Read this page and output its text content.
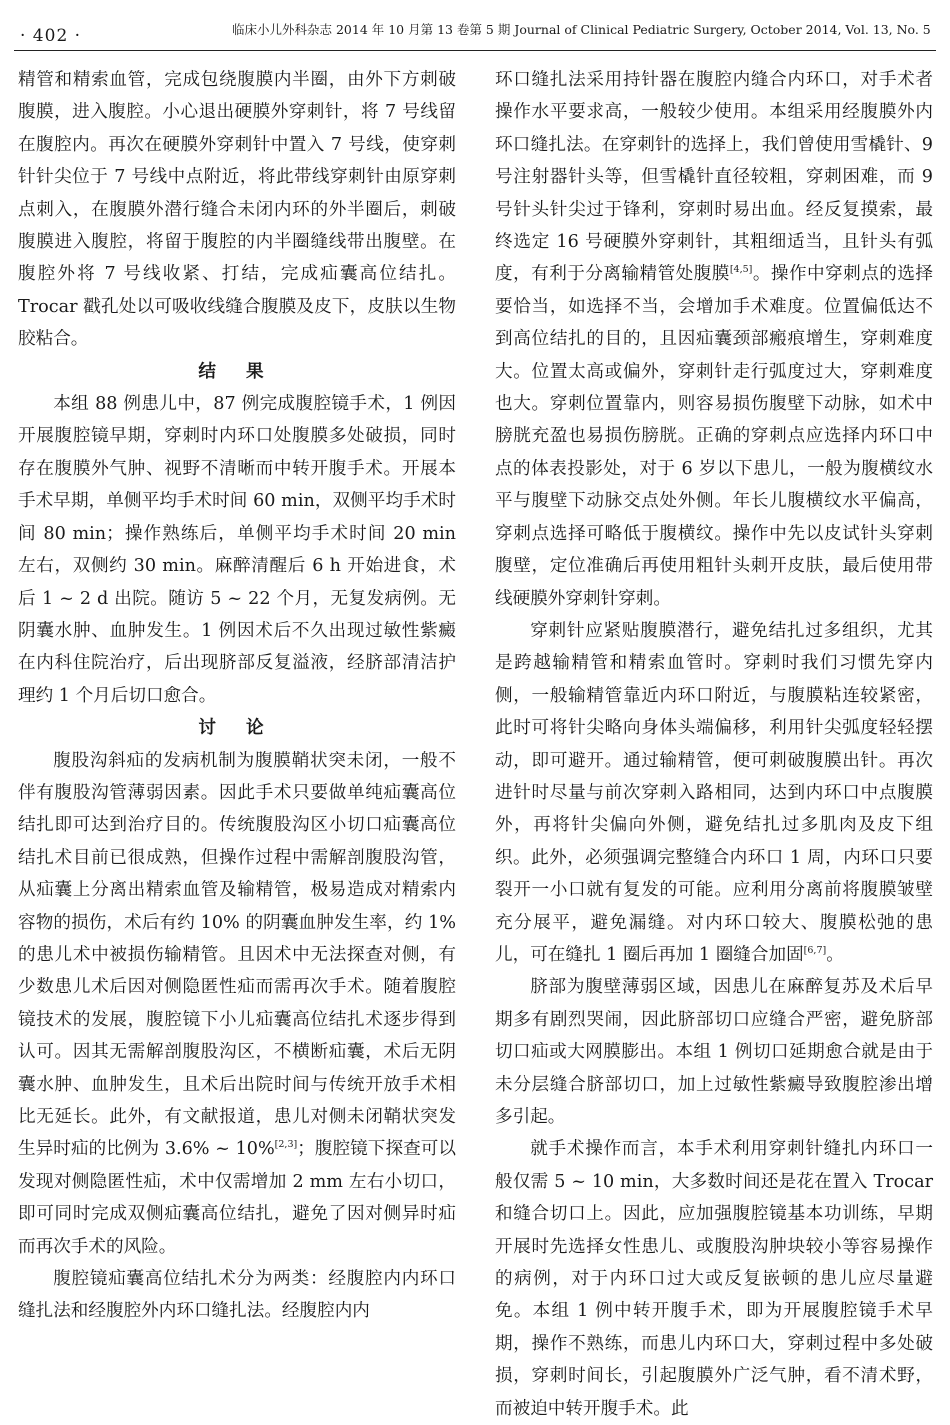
· 402 ·	临床小儿外科杂志 2014 年 10 月第 13 卷第 5 期 Journal of Clinical Pediatric Surgery, October 2014, Vol. 13, No. 5

精管和精索血管，完成包绕腹膜内半圈，由外下方刺破腹膜，进入腹腔。小心退出硬膜外穿刺针，将 7 号线留在腹腔内。再次在硬膜外穿刺针中置入 7 号线，使穿刺针针尖位于 7 号线中点附近，将此带线穿刺针由原穿刺点刺入，在腹膜外潜行缝合未闭内环的外半圈后，刺破腹膜进入腹腔，将留于腹腔的内半圈缝线带出腹壁。在腹腔外将 7 号线收紧、打结，完成疝囊高位结扎。Trocar 戳孔处以可吸收线缝合腹膜及皮下，皮肤以生物胶粘合。

结 果

本组 88 例患儿中，87 例完成腹腔镜手术，1 例因开展腹腔镜早期，穿刺时内环口处腹膜多处破损，同时存在腹膜外气肿、视野不清晰而中转开腹手术。开展本手术早期，单侧平均手术时间 60 min，双侧平均手术时间 80 min；操作熟练后，单侧平均手术时间 20 min 左右，双侧约 30 min。麻醉清醒后 6 h 开始进食，术后 1 ~ 2 d 出院。随访 5 ~ 22 个月，无复发病例。无阴囊水肿、血肿发生。1 例因术后不久出现过敏性紫癜在内科住院治疗，后出现脐部反复溢液，经脐部清洁护理约 1 个月后切口愈合。

讨 论

腹股沟斜疝的发病机制为腹膜鞘状突未闭，一般不伴有腹股沟管薄弱因素。因此手术只要做单纯疝囊高位结扎即可达到治疗目的。传统腹股沟区小切口疝囊高位结扎术目前已很成熟，但操作过程中需解剖腹股沟管，从疝囊上分离出精索血管及输精管，极易造成对精索内容物的损伤，术后有约 10% 的阴囊血肿发生率，约 1% 的患儿术中被损伤输精管。且因术中无法探查对侧，有少数患儿术后因对侧隐匿性疝而需再次手术。随着腹腔镜技术的发展，腹腔镜下小儿疝囊高位结扎术逐步得到认可。因其无需解剖腹股沟区，不横断疝囊，术后无阴囊水肿、血肿发生，且术后出院时间与传统开放手术相比无延长。此外，有文献报道，患儿对侧未闭鞘状突发生异时疝的比例为 3.6% ~ 10%[2,3]；腹腔镜下探查可以发现对侧隐匿性疝，术中仅需增加 2 mm 左右小切口，即可同时完成双侧疝囊高位结扎，避免了因对侧异时疝而再次手术的风险。

腹腔镜疝囊高位结扎术分为两类：经腹腔内内环口缝扎法和经腹腔外内环口缝扎法。经腹腔内内

环口缝扎法采用持针器在腹腔内缝合内环口，对手术者操作水平要求高，一般较少使用。本组采用经腹膜外内环口缝扎法。在穿刺针的选择上，我们曾使用雪橇针、9 号注射器针头等，但雪橇针直径较粗，穿刺困难，而 9 号针头针尖过于锋利，穿刺时易出血。经反复摸索，最终选定 16 号硬膜外穿刺针，其粗细适当，且针头有弧度，有利于分离输精管处腹膜[4,5]。操作中穿刺点的选择要恰当，如选择不当，会增加手术难度。位置偏低达不到高位结扎的目的，且因疝囊颈部瘢痕增生，穿刺难度大。位置太高或偏外，穿刺针走行弧度过大，穿刺难度也大。穿刺位置靠内，则容易损伤腹壁下动脉，如术中膀胱充盈也易损伤膀胱。正确的穿刺点应选择内环口中点的体表投影处，对于 6 岁以下患儿，一般为腹横纹水平与腹壁下动脉交点处外侧。年长儿腹横纹水平偏高，穿刺点选择可略低于腹横纹。操作中先以皮试针头穿刺腹壁，定位准确后再使用粗针头刺开皮肤，最后使用带线硬膜外穿刺针穿刺。

穿刺针应紧贴腹膜潜行，避免结扎过多组织，尤其是跨越输精管和精索血管时。穿刺时我们习惯先穿内侧，一般输精管靠近内环口附近，与腹膜粘连较紧密，此时可将针尖略向身体头端偏移，利用针尖弧度轻轻摆动，即可避开。通过输精管，便可刺破腹膜出针。再次进针时尽量与前次穿刺入路相同，达到内环口中点腹膜外，再将针尖偏向外侧，避免结扎过多肌肉及皮下组织。此外，必须强调完整缝合内环口 1 周，内环口只要裂开一小口就有复发的可能。应利用分离前将腹膜皱壁充分展平，避免漏缝。对内环口较大、腹膜松弛的患儿，可在缝扎 1 圈后再加 1 圈缝合加固[6,7]。

脐部为腹壁薄弱区域，因患儿在麻醉复苏及术后早期多有剧烈哭闹，因此脐部切口应缝合严密，避免脐部切口疝或大网膜膨出。本组 1 例切口延期愈合就是由于未分层缝合脐部切口，加上过敏性紫癜导致腹腔渗出增多引起。

就手术操作而言，本手术利用穿刺针缝扎内环口一般仅需 5 ~ 10 min，大多数时间还是花在置入 Trocar 和缝合切口上。因此，应加强腹腔镜基本功训练，早期开展时先选择女性患儿、或腹股沟肿块较小等容易操作的病例，对于内环口过大或反复嵌顿的患儿应尽量避免。本组 1 例中转开腹手术，即为开展腹腔镜手术早期，操作不熟练，而患儿内环口大，穿刺过程中多处破损，穿刺时间长，引起腹膜外广泛气肿，看不清术野，而被迫中转开腹手术。此
